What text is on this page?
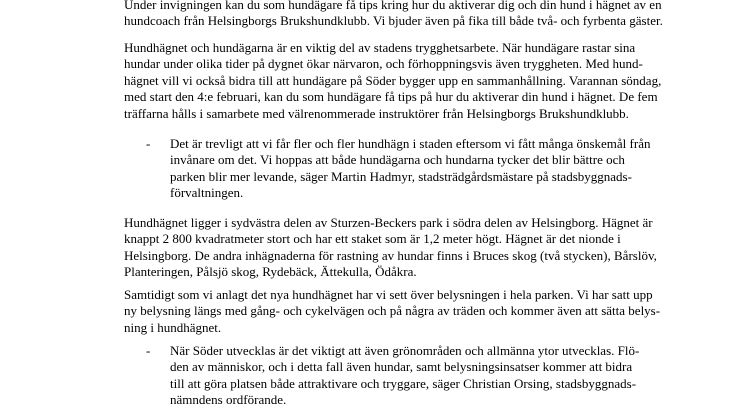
Under invigningen kan du som hundägare få tips kring hur du aktiverar dig och din hund i hägnet av en
hundcoach från Helsingborgs Brukshundklubb. Vi bjuder även på fika till både två- och fyrbenta gäster.

Hundhägnet och hundägarna är en viktig del av stadens trygghetsarbete. När hundägare rastar sina
hundar under olika tider på dygnet ökar närvaron, och förhoppningsvis även tryggheten. Med hund-
hägnet vill vi också bidra till att hundägare på Söder bygger upp en sammanhållning. Varannan söndag,
med start den 4:e februari, kan du som hundägare få tips på hur du aktiverar din hund i hägnet. De fem
träffarna hålls i samarbete med välrenommerade instruktörer från Helsingborgs Brukshundklubb.

- Det är trevligt att vi får fler och fler hundhägn i staden eftersom vi fått många önskemål från
invånare om det. Vi hoppas att både hundägarna och hundarna tycker det blir bättre och
parken blir mer levande, säger Martin Hadmyr, stadsträdgårdsmästare på stadsbyggnads-
förvaltningen.

Hundhägnet ligger i sydvästra delen av Sturzen-Beckers park i södra delen av Helsingborg. Hägnet är
knappt 2 800 kvadratmeter stort och har ett staket som är 1,2 meter högt. Hägnet är det nionde i
Helsingborg. De andra inhägnaderna för rastning av hundar finns i Bruces skog (två stycken), Bårslöv,
Planteringen, Pålsjö skog, Rydebäck, Ättekulla, Ödåkra.

Samtidigt som vi anlagt det nya hundhägnet har vi sett över belysningen i hela parken. Vi har satt upp
ny belysning längs med gång- och cykelvägen och på några av träden och kommer även att sätta belys-
ning i hundhägnet.

- När Söder utvecklas är det viktigt att även grönområden och allmänna ytor utvecklas. Flö-
den av människor, och i detta fall även hundar, samt belysningsinsatser kommer att bidra
till att göra platsen både attraktivare och tryggare, säger Christian Orsing, stadsbyggnads-
nämndens ordförande.
